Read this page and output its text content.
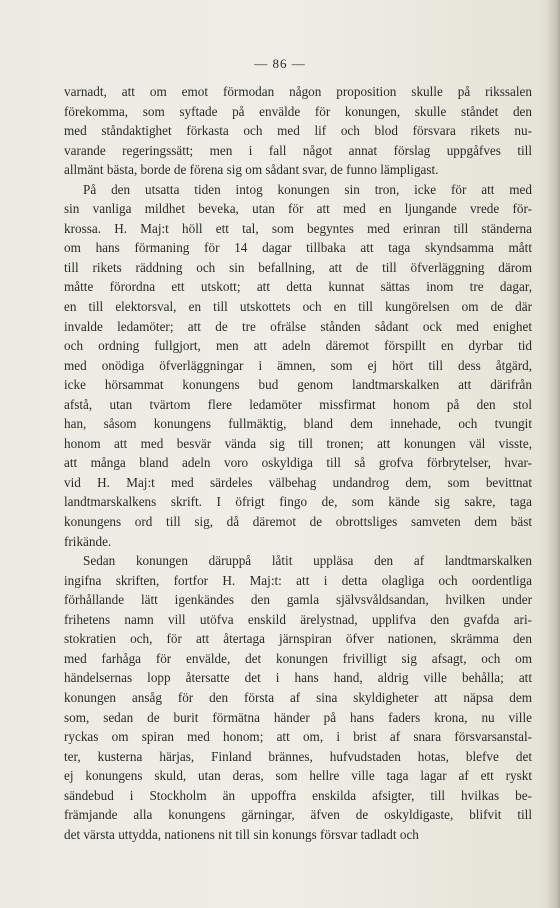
— 86 —
varnadt, att om emot förmodan någon proposition skulle på rikssalen
förekomma, som syftade på envälde för konungen, skulle ståndet den
med ståndaktighet förkasta och med lif och blod försvara rikets nu-
varande regeringssätt; men i fall något annat förslag uppgåfves till
allmänt bästa, borde de förena sig om sådant svar, de funno lämpligast.
På den utsatta tiden intog konungen sin tron, icke för att med
sin vanliga mildhet beveka, utan för att med en ljungande vrede för-
krossa. H. Maj:t höll ett tal, som begyntes med erinran till ständerna
om hans förmaning för 14 dagar tillbaka att taga skyndsamma mått
till rikets räddning och sin befallning, att de till öfverläggning därom
måtte förordna ett utskott; att detta kunnat sättas inom tre dagar,
en till elektorsval, en till utskottets och en till kungörelsen om de där
invalde ledamöter; att de tre ofrälse stånden sådant ock med enighet
och ordning fullgjort, men att adeln däremot förspillt en dyrbar tid
med onödiga öfverläggningar i ämnen, som ej hört till dess åtgärd,
icke hörsammat konungens bud genom landtmarskalken att därifrån
afstå, utan tvärtom flere ledamöter missfirmat honom på den stol
han, såsom konungens fullmäktig, bland dem innehade, och tvungit
honom att med besvär vända sig till tronen; att konungen väl visste,
att många bland adeln voro oskyldiga till så grofva förbrytelser, hvar-
vid H. Maj:t med särdeles välbehag undandrog dem, som bevittnat
landtmarskalkens skrift. I öfrigt fingo de, som kände sig sakre, taga
konungens ord till sig, då däremot de obrottsliges samveten dem bäst
frikände.
Sedan konungen däruppå låtit uppläsa den af landtmarskalken
ingifna skriften, fortfor H. Maj:t: att i detta olagliga och oordentliga
förhållande lätt igenkändes den gamla självsvåldsandan, hvilken under
frihetens namn vill utöfva enskild ärelystnad, upplifva den gvafda ari-
stokratien och, för att återtaga järnspiran öfver nationen, skrämma den
med farhåga för envälde, det konungen frivilligt sig afsagt, och om
händelsernas lopp återsatte det i hans hand, aldrig ville behålla; att
konungen ansåg för den första af sina skyldigheter att näpsa dem
som, sedan de burit förmätna händer på hans faders krona, nu ville
ryckas om spiran med honom; att om, i brist af snara försvarsanstal-
ter, kusterna härjas, Finland brännes, hufvudstaden hotas, blefve det
ej konungens skuld, utan deras, som hellre ville taga lagar af ett ryskt
sändebud i Stockholm än uppoffra enskilda afsigter, till hvilkas be-
främjande alla konungens gärningar, äfven de oskyldigaste, blifvit till
det värsta uttydda, nationens nit till sin konungs försvar tadladt och
